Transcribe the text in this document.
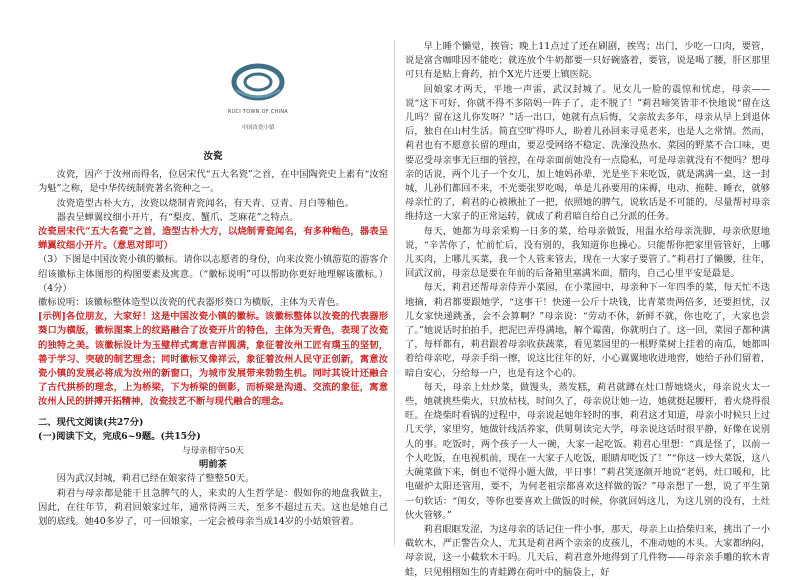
RUCI TOWN OF CHINA
中国汝瓷小镇
汝瓷

汝瓷，因产于汝州而得名，位居宋代“五大名瓷”之首，在中国陶瓷史上素有“汝窑为魁”之称，是中华传统制瓷著名瓷种之一。

汝瓷造型古朴大方，汝瓷以烧制青瓷闻名，有天青、豆青、月白等釉色。

器表呈蝉翼纹细小开片，有“梨皮、蟹爪、芝麻花”之特点。

汝瓷居宋代“五大名瓷”之首，造型古朴大方，以烧制青瓷闻名，有多种釉色，器表呈蝉翼纹细小开片。（意思对即可）

（3）下图是中国汝瓷小镇的徽标。请你以志愿者的身份，向来汝瓷小镇游览的游客介绍该徽标主体图形的构图要素及寓意。（“徽标说明”可以帮助你更好地理解该徽标。）（4分）

徽标说明：该徽标整体造型以汝瓷的代表器形葵口为横版，主体为天青色。

[示例]各位朋友，大家好！这是中国汝瓷小镇的徽标。该徽标整体以汝瓷的代表器形葵口为横版，徽标图案上的纹路融合了汝瓷开片的特色，主体为天青色，表现了汝瓷的独特之美。该徽标设计为玉璧样式寓意吉祥圆满，象征着汝州工匠有璞玉的坚韧，善于学习、突破的制艺理念；同时徽标又像祥云，象征着汝州人民守正创新，寓意汝瓷小镇的发展必将成为汝州的新窗口，为城市发展带来勃勃生机。同时其设计还融合了古代拱桥的理念，上为桥梁，下为桥梁的倒影，而桥梁是沟通、交流的象征，寓意汝州人民的拼搏开拓精神，汝瓷技艺不断与现代融合的理念。

二、现代文阅读(共27分)

(一)阅读下文，完成6~9题。(共15分)

与母亲相守50天

明前茶

因为武汉封城，莉君已经在娘家待了整整50天。

莉君与母亲都是能干且急脾气的人，来卖的人生哲学是：假如你的地盘我做主，因此，在往年节，莉君回娘家过年，通常待两三天，至多不超过五天。这也是她自己划的底线。她40多岁了，可一回娘家，一定会被母亲当成14岁的小姑娘管着。

早上睡个懒觉，挨管；晚上11点过了还在刷剧，挨骂；出门，少吃一口肉，要管，说是富含咖啡因不能吃；就连放个牛奶都要一只好碗盛着，要管，说是喝了腰，肝区那里可只有是贴上膏药，拍个X光片还要上镇医院。

回娘家才两天，平地一声雷，武汉封城了。见女儿一脸的震惊和忧虑，母亲——说“这下可好，你就不得不多陪妈一阵子了，走不脱了！”莉君啼笑皆非不快地说“留在这儿吗？留在这儿你发呀？”话一出口，她就有点后悔，父亲故去多年，母亲从早上到退休后，独自在山村生活。简直空旷得吓人，盼着儿孙回来寻觅老来，也是人之常情。然而，莉君也有不愿意长留的理由，要忍受网络不稳定、洗澡没热水、菜园的野菜不合口味，更要忍受母亲事无巨细的管控，在母亲面前她没有一点隐私，可是母亲就没有不便吗？想母亲的话说，两个儿子一个女儿，加上她妈孙辈，光是坐下来吃饭，就是满满一桌，这一封城，儿孙们都回不来，不光要张罗吃喝，单是儿孙要用的床褥，电动、拖鞋、睡衣，就够母亲忙的了，莉君的心被揪扯了一把，依照她的脾气，说软话是不可能的，尽量帮衬母亲维持这一大家子的正常运转，就成了莉君暗自给自己分派的任务。

每天，她都为母亲采购一日多的菜，给母亲做饭，用温水给母亲洗脚，母亲欣慰地说，“辛苦你了，忙前忙后，没有别的，我知道你也操心。只能帮你把家里管管好，上哪儿买肉，上哪儿买菜，我一个人管来管去，现在一大家子要管了。”莉君打了懒腰，往年，回武汉前，母亲总是要在年前的后备箱里塞满米面，腊肉，自己心里平安是最是。

每天，莉君还帮母亲侍弄小菜园，在小菜园中，母亲种下一年四季的菜，每天忙不迭地摘，莉君都要跟她学，“这事干！快递一公斤十块钱，比青菜贵两倍多，还要担忧，汉儿女家快递跳蚤，会不会算啊？”母亲说：“劳动不休，新鲜不就，你也吃了，大家也尝了。”她说话时拍拍手，把泥巴弄得满地，解个霉菌，你就明白了。这一回，菜园子都种满了，每样都有，莉君跟着母亲收获蔬菜，看见菜园里的一根野菜树上挂着的南瓜，她都叫着给母亲吃，母亲手绢一擦，说这比往年的好，小心翼翼地收进地窖，她给子孙们留着，暗自安心，分给每一户，也是有这个心的。

每天，母亲上灶炒菜，做馒头，蒸发糕，莉君就蹲在灶口帮她烧火，母亲说火太一些，她就挑些柴火，只放枯枝，时间久了，母亲说让她一边，她就挺起腰杆，着火烧得很旺。在烧柴时看锅的过程中，母亲说起她年轻时的事，莉君这才知道，母亲小时候只上过几天学，家里穷，她做针线活养家，供舅舅读完大学，母亲说这话时很平静，好像在说别人的事。吃饭时，两个孩子一人一碗，大家一起吃饭。莉君心里想：“真是怪了，以前一个人吃饭，在电视机前，现在一大家子人吃饭，眼睛却吃饭了！”“你这一炒大菜饭，这八大碗菜做下来，倒也不觉得小题大做，平日事！”莉君笑逐颜开地说“老妈，灶口暖和，比电磁炉太阳还管用，要不，为何老祖宗都喜欢这样做的饭？”母亲想了一想，说了平生第一句软话：“闺女，等你也要喜欢上做饭的时候，你就回妈这儿，为这儿别的没有，土灶伙火管够。”

莉君眼眶发涩，为这母亲的话记住一件小事，那天，母亲上山拾柴归来，挑出了一小截软木，严正警告众人，尤其是莉君两个亲亲的皮孩儿，不准动她的木头。大家都纳闷，母亲说，这一小截软木干吗。几天后，莉君意外地得到了几件物——母亲亲手雕的软木青蛙，只见栩栩如生的青蛙蹲在荷叶中的脑袋上，好
